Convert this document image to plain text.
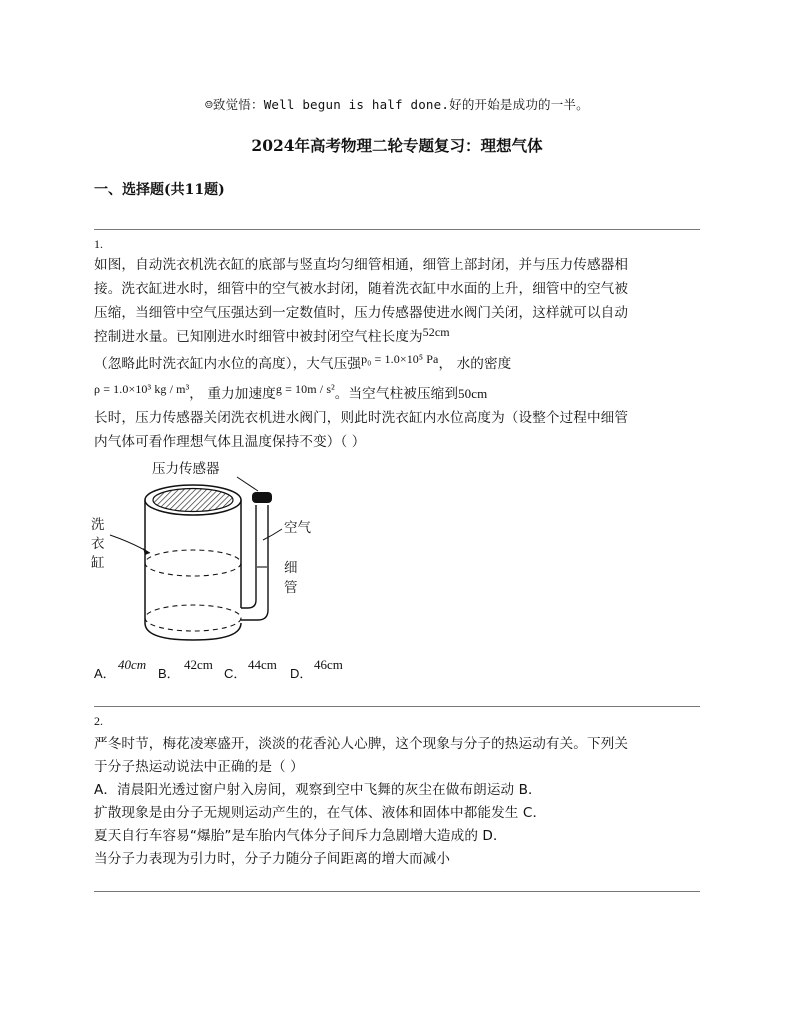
☺致觉悟：Well begun is half done.好的开始是成功的一半。
2024年高考物理二轮专题复习：理想气体
一、选择题(共11题)
1.
如图，自动洗衣机洗衣缸的底部与竖直均匀细管相通，细管上部封闭，并与压力传感器相
接。洗衣缸进水时，细管中的空气被水封闭，随着洗衣缸中水面的上升，细管中的空气被
压缩，当细管中空气压强达到一定数值时，压力传感器使进水阀门关闭，这样就可以自动
控制进水量。已知刚进水时细管中被封闭空气柱长度为52cm
（忽略此时洗衣缸内水位的高度），大气压强p₀ = 1.0×10⁵ Pa， 水的密度
ρ = 1.0×10³ kg / m³， 重力加速度g = 10m / s²。当空气柱被压缩到50cm
长时，压力传感器关闭洗衣机进水阀门，则此时洗衣缸内水位高度为（设整个过程中细管
内气体可看作理想气体且温度保持不变）（ ）
压力传感器
空气
细
管
洗
衣
缸
A．
40cm
B．
42cm
C．
44cm
D．
46cm
2.
严冬时节，梅花凌寒盛开，淡淡的花香沁人心脾，这个现象与分子的热运动有关。下列关
于分子热运动说法中正确的是（ ）
A．清晨阳光透过窗户射入房间，观察到空中飞舞的灰尘在做布朗运动 B．
扩散现象是由分子无规则运动产生的，在气体、液体和固体中都能发生 C．
夏天自行车容易“爆胎”是车胎内气体分子间斥力急剧增大造成的 D．
当分子力表现为引力时，分子力随分子间距离的增大而减小
